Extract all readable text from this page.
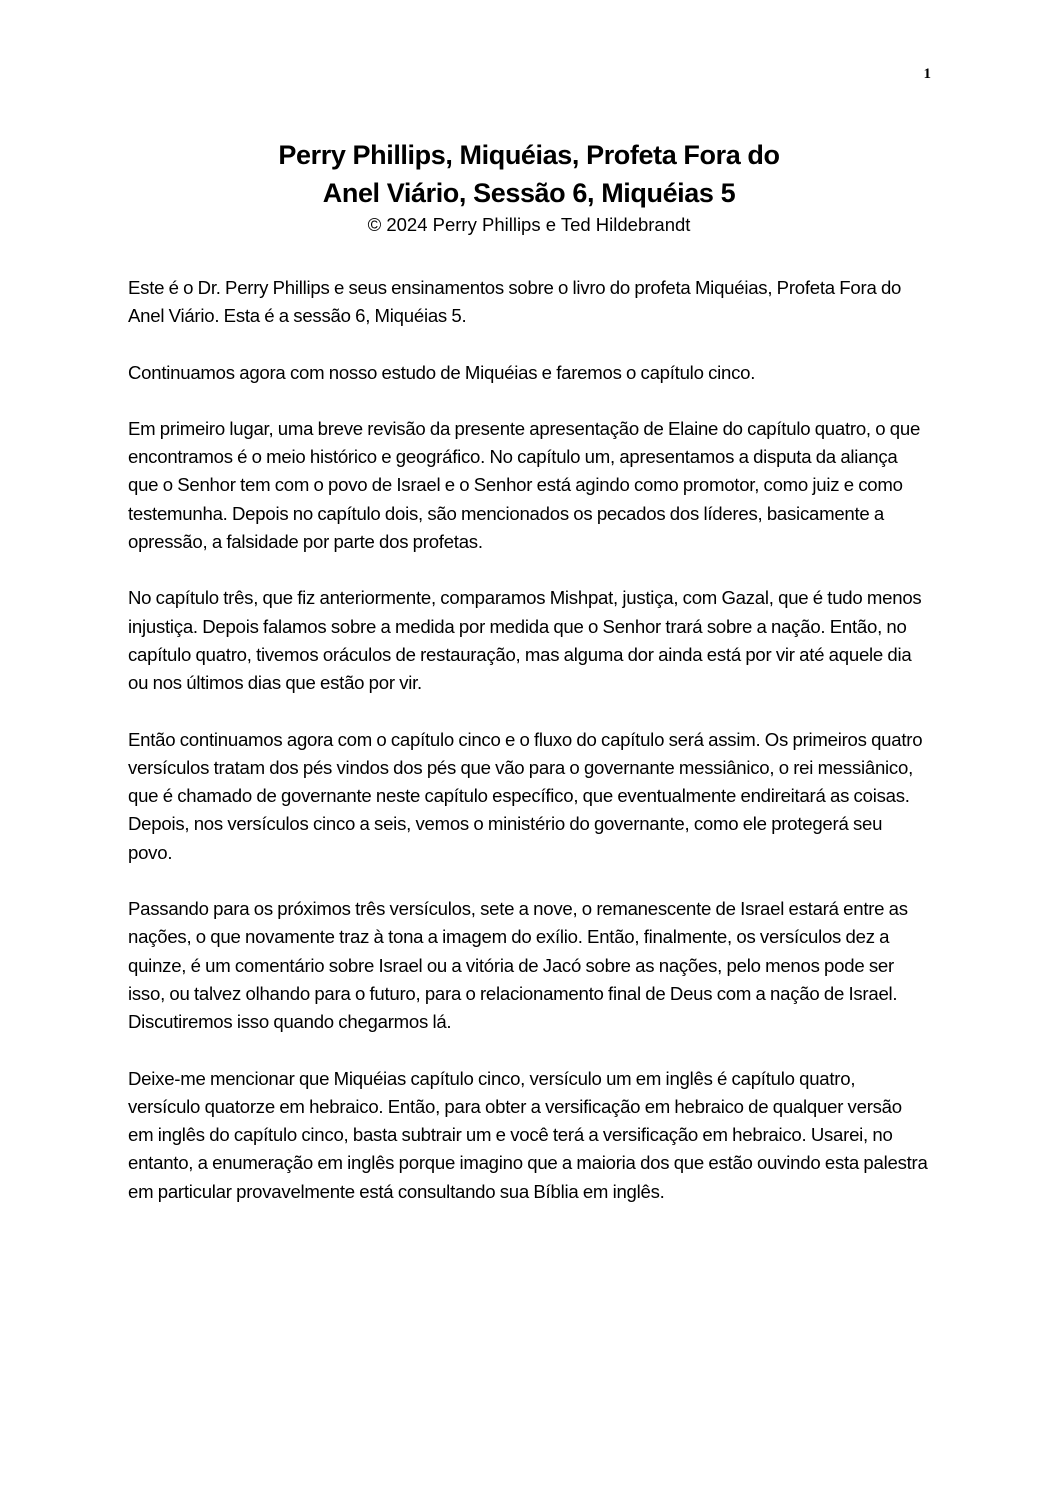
1
Perry Phillips, Miquéias, Profeta Fora do
Anel Viário, Sessão 6, Miquéias 5

© 2024 Perry Phillips e Ted Hildebrandt

Este é o Dr. Perry Phillips e seus ensinamentos sobre o livro do profeta Miquéias, Profeta Fora do Anel Viário. Esta é a sessão 6, Miquéias 5.

Continuamos agora com nosso estudo de Miquéias e faremos o capítulo cinco.

Em primeiro lugar, uma breve revisão da presente apresentação de Elaine do capítulo quatro, o que encontramos é o meio histórico e geográfico. No capítulo um, apresentamos a disputa da aliança que o Senhor tem com o povo de Israel e o Senhor está agindo como promotor, como juiz e como testemunha. Depois no capítulo dois, são mencionados os pecados dos líderes, basicamente a opressão, a falsidade por parte dos profetas.

No capítulo três, que fiz anteriormente, comparamos Mishpat, justiça, com Gazal, que é tudo menos injustiça. Depois falamos sobre a medida por medida que o Senhor trará sobre a nação. Então, no capítulo quatro, tivemos oráculos de restauração, mas alguma dor ainda está por vir até aquele dia ou nos últimos dias que estão por vir.

Então continuamos agora com o capítulo cinco e o fluxo do capítulo será assim. Os primeiros quatro versículos tratam dos pés vindos dos pés que vão para o governante messiânico, o rei messiânico, que é chamado de governante neste capítulo específico, que eventualmente endireitará as coisas. Depois, nos versículos cinco a seis, vemos o ministério do governante, como ele protegerá seu povo.

Passando para os próximos três versículos, sete a nove, o remanescente de Israel estará entre as nações, o que novamente traz à tona a imagem do exílio. Então, finalmente, os versículos dez a quinze, é um comentário sobre Israel ou a vitória de Jacó sobre as nações, pelo menos pode ser isso, ou talvez olhando para o futuro, para o relacionamento final de Deus com a nação de Israel. Discutiremos isso quando chegarmos lá.

Deixe-me mencionar que Miquéias capítulo cinco, versículo um em inglês é capítulo quatro, versículo quatorze em hebraico. Então, para obter a versificação em hebraico de qualquer versão em inglês do capítulo cinco, basta subtrair um e você terá a versificação em hebraico. Usarei, no entanto, a enumeração em inglês porque imagino que a maioria dos que estão ouvindo esta palestra em particular provavelmente está consultando sua Bíblia em inglês.
